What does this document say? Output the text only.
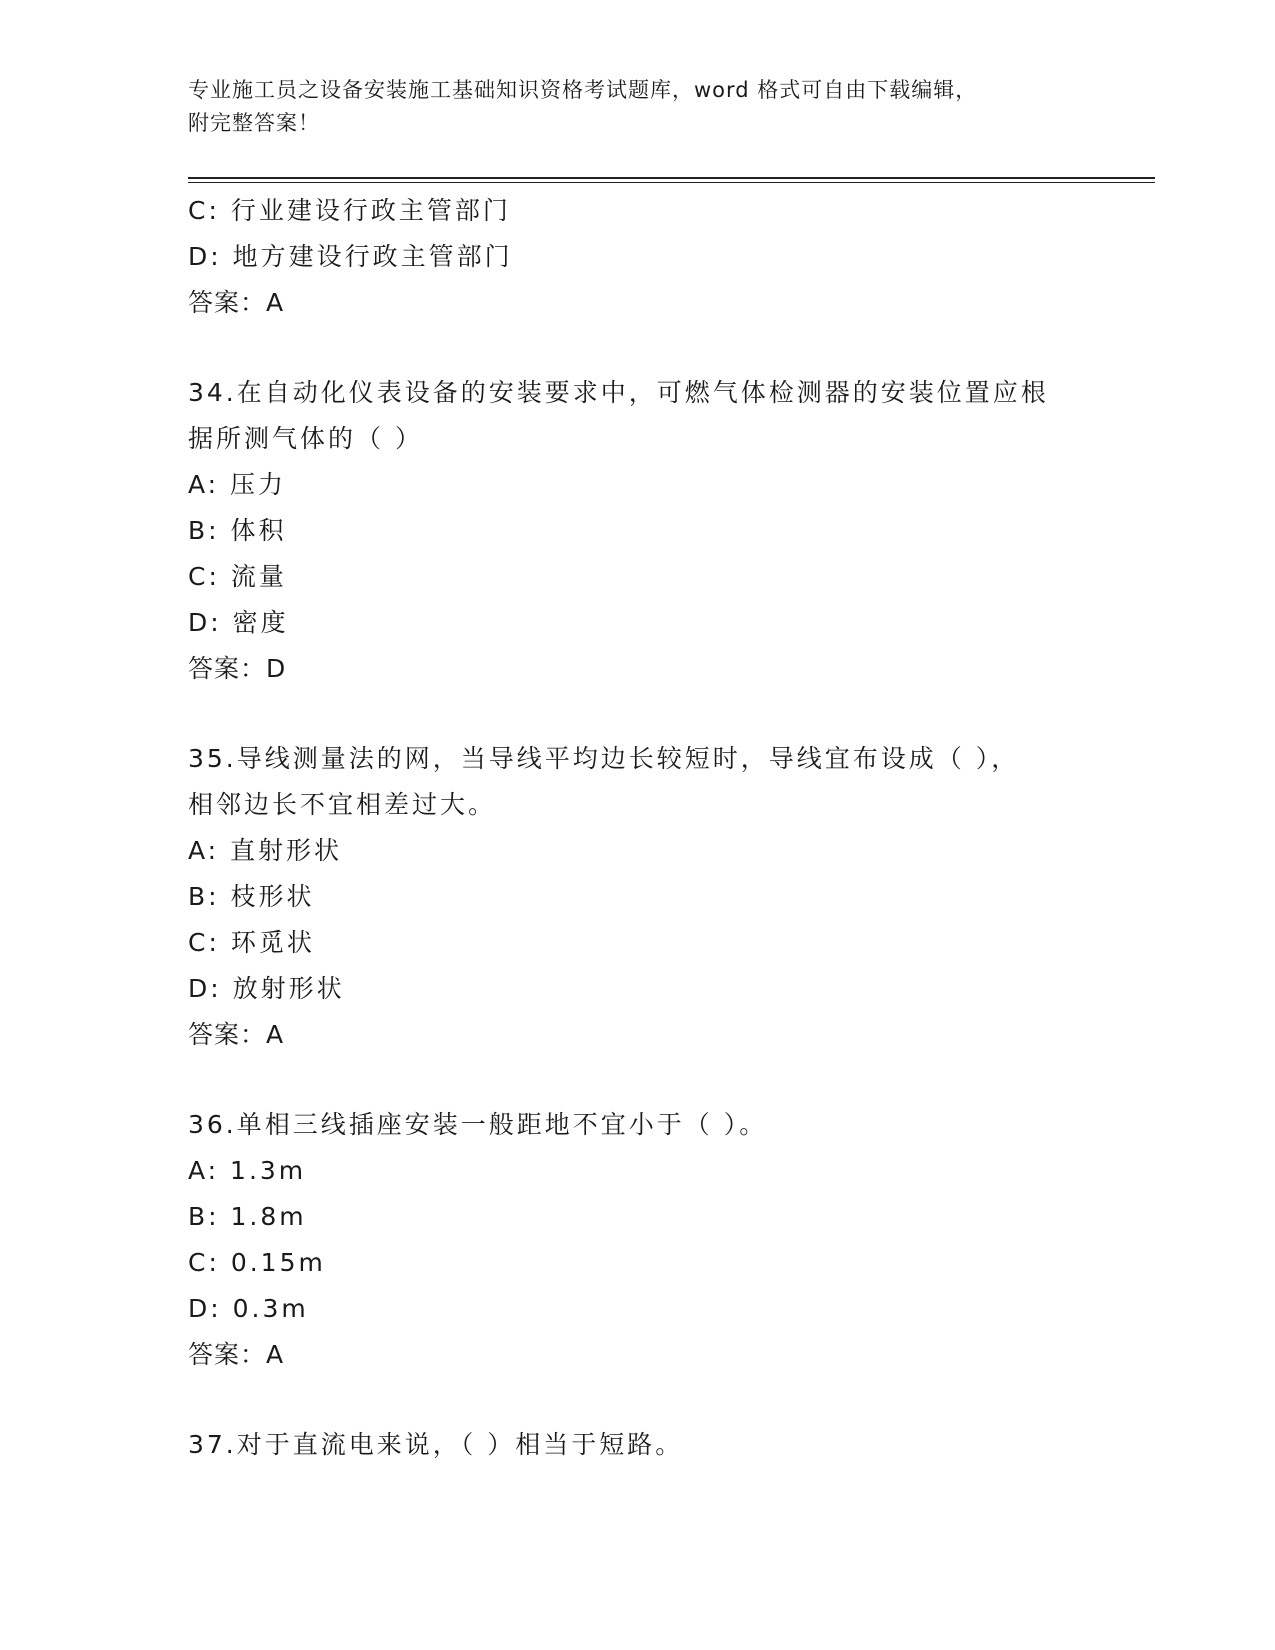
专业施工员之设备安装施工基础知识资格考试题库，word 格式可自由下载编辑，
附完整答案！
C: 行业建设行政主管部门
D: 地方建设行政主管部门
答案：A
34.在自动化仪表设备的安装要求中，可燃气体检测器的安装位置应根
据所测气体的（ ）
A: 压力
B: 体积
C: 流量
D: 密度
答案：D
35.导线测量法的网，当导线平均边长较短时，导线宜布设成（ ），
相邻边长不宜相差过大。
A: 直射形状
B: 枝形状
C: 环觅状
D: 放射形状
答案：A
36.单相三线插座安装一般距地不宜小于（ ）。
A: 1.3m
B: 1.8m
C: 0.15m
D: 0.3m
答案：A
37.对于直流电来说，（ ）相当于短路。
